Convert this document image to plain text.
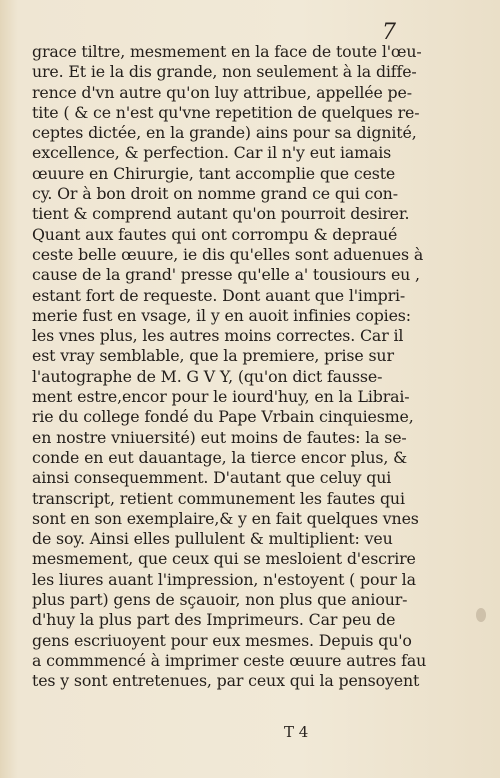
7
grace tiltre, mesmement en la face de toute l'œu-
ure. Et ie la dis grande, non seulement à la diffe-
rence d'vn autre qu'on luy attribue, appellée pe-
tite ( & ce n'est qu'vne repetition de quelques re-
ceptes dictée, en la grande) ains pour sa dignité,
excellence, & perfection. Car il n'y eut iamais
œuure en Chirurgie, tant accomplie que ceste
cy. Or à bon droit on nomme grand ce qui con-
tient & comprend autant qu'on pourroit desirer.
Quant aux fautes qui ont corrompu & depraué
ceste belle œuure, ie dis qu'elles sont aduenues à
cause de la grand' presse qu'elle a' tousiours eu ,
estant fort de requeste. Dont auant que l'impri-
merie fust en vsage, il y en auoit infinies copies:
les vnes plus, les autres moins correctes. Car il
est vray semblable, que la premiere, prise sur
l'autographe de M. G V Y, (qu'on dict fausse-
ment estre,encor pour le iourd'huy, en la Librai-
rie du college fondé du Pape Vrbain cinquiesme,
en nostre vniuersité) eut moins de fautes: la se-
conde en eut dauantage, la tierce encor plus, &
ainsi consequemment. D'autant que celuy qui
transcript, retient communement les fautes qui
sont en son exemplaire,& y en fait quelques vnes
de soy. Ainsi elles pullulent & multiplient: veu
mesmement, que ceux qui se mesloient d'escrire
les liures auant l'impression, n'estoyent ( pour la
plus part) gens de sçauoir, non plus que aniour-
d'huy la plus part des Imprimeurs. Car peu de
gens escriuoyent pour eux mesmes. Depuis qu'o
a commmencé à imprimer ceste œuure autres fau
tes y sont entretenues, par ceux qui la pensoyent
T 4
